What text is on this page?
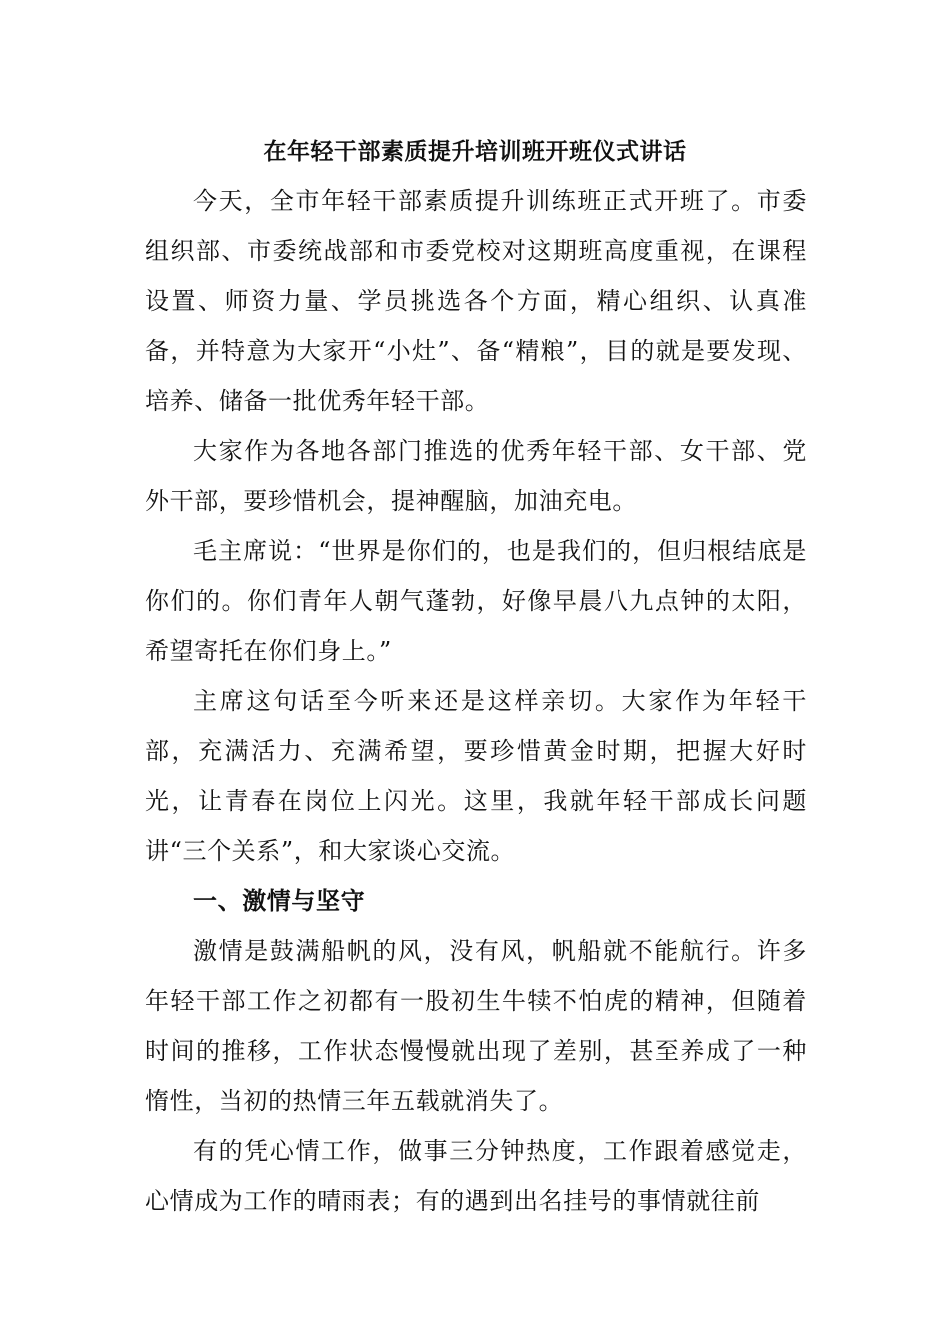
在年轻干部素质提升培训班开班仪式讲话

今天，全市年轻干部素质提升训练班正式开班了。市委组织部、市委统战部和市委党校对这期班高度重视，在课程设置、师资力量、学员挑选各个方面，精心组织、认真准备，并特意为大家开“小灶”、备“精粮”，目的就是要发现、培养、储备一批优秀年轻干部。

大家作为各地各部门推选的优秀年轻干部、女干部、党外干部，要珍惜机会，提神醒脑，加油充电。

毛主席说：“世界是你们的，也是我们的，但归根结底是你们的。你们青年人朝气蓬勃，好像早晨八九点钟的太阳，希望寄托在你们身上。”

主席这句话至今听来还是这样亲切。大家作为年轻干部，充满活力、充满希望，要珍惜黄金时期，把握大好时光，让青春在岗位上闪光。这里，我就年轻干部成长问题讲“三个关系”，和大家谈心交流。

一、激情与坚守

激情是鼓满船帆的风，没有风，帆船就不能航行。许多年轻干部工作之初都有一股初生牛犊不怕虎的精神，但随着时间的推移，工作状态慢慢就出现了差别，甚至养成了一种惰性，当初的热情三年五载就消失了。

有的凭心情工作，做事三分钟热度，工作跟着感觉走，心情成为工作的晴雨表；有的遇到出名挂号的事情就往前
